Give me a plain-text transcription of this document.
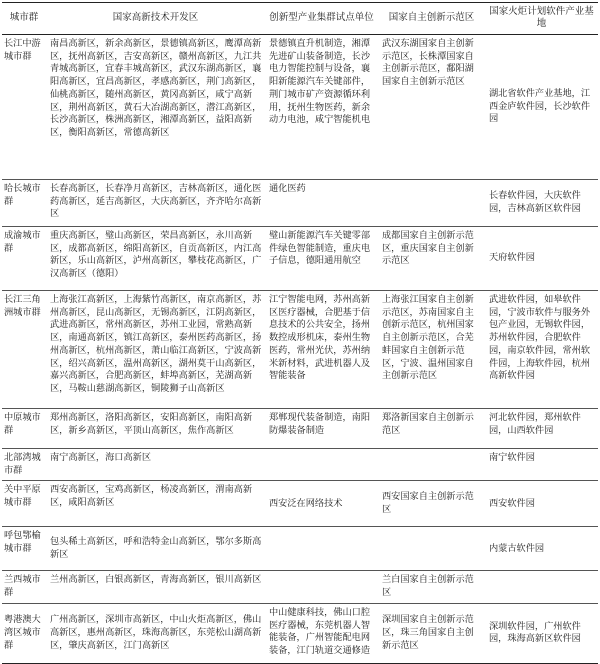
城市群	国家高新技术开发区	创新型产业集群试点单位	国家自主创新示范区	国家火炬计划软件产业基地
长江中游城市群	南昌高新区，新余高新区，景德镇高新区，鹰潭高新区，抚州高新区，吉安高新区，赣州高新区，九江共青城高新区，宜春丰城高新区，武汉东湖高新区，襄阳高新区，宜昌高新区，孝感高新区，荆门高新区，仙桃高新区，随州高新区，黄冈高新区，咸宁高新区，荆州高新区，黄石大冶湖高新区，潜江高新区，长沙高新区，株洲高新区，湘潭高新区，益阳高新区，衡阳高新区，常德高新区	景德镇直升机制造，湘潭先进矿山装备制造，长沙电力智能控制与设备，襄阳新能源汽车关键部件，荆门城市矿产资源循环利用，抚州生物医药，新余动力电池，咸宁智能机电	武汉东湖国家自主创新示范区，长株潭国家自主创新示范区，鄱阳湖国家自主创新示范区	湖北省软件产业基地，江西金庐软件园，长沙软件园
哈长城市群	长春高新区，长春净月高新区，吉林高新区，通化医药高新区，延吉高新区，大庆高新区，齐齐哈尔高新区	通化医药		长春软件园，大庆软件园，吉林高新区软件园
成渝城市群	重庆高新区，璧山高新区，荣昌高新区，永川高新区，成都高新区，绵阳高新区，自贡高新区，内江高新区，乐山高新区，泸州高新区，攀枝花高新区，广汉高新区（德阳）	璧山新能源汽车关键零部件绿色智能制造，重庆电子信息，德阳通用航空	成都国家自主创新示范区，重庆国家自主创新示范区	天府软件园
长江三角洲城市群	上海张江高新区，上海紫竹高新区，南京高新区，苏州高新区，昆山高新区，无锡高新区，江阴高新区，武进高新区，常州高新区，苏州工业园，常熟高新区，南通高新区，镇江高新区，泰州医药高新区，扬州高新区，杭州高新区，萧山临江高新区，宁波高新区，绍兴高新区，温州高新区，湖州莫干山高新区，嘉兴高新区，合肥高新区，蚌埠高新区，芜湖高新区，马鞍山慈湖高新区，铜陵狮子山高新区	江宁智能电网，苏州高新区医疗器械，合肥基于信息技术的公共安全，扬州数控成形机床，泰州生物医药，常州光伏，苏州纳米新材料，武进机器人及智能装备	上海张江国家自主创新示范区，苏南国家自主创新示范区，杭州国家自主创新示范区，合芜蚌国家自主创新示范区，宁波、温州国家自主创新示范区	武进软件园，如皋软件园，宁波市软件与服务外包产业园，无锡软件园，苏州软件园，合肥软件园，南京软件园，常州软件园，上海软件园，杭州高新软件园
中原城市群	郑州高新区，洛阳高新区，安阳高新区，南阳高新区，新乡高新区，平顶山高新区，焦作高新区	郑郸现代装备制造，南阳防爆装备制造	郑洛新国家自主创新示范区	河北软件园，郑州软件园，山西软件园
北部湾城市群	南宁高新区，海口高新区			南宁软件园
关中平原城市群	西安高新区，宝鸡高新区，杨凌高新区，渭南高新区，咸阳高新区	西安泛在网络技术	西安国家自主创新示范区	西安软件园
呼包鄂榆城市群	包头稀土高新区，呼和浩特金山高新区，鄂尔多斯高新区			内蒙古软件园
兰西城市群	兰州高新区，白银高新区，青海高新区，银川高新区		兰白国家自主创新示范区	
粤港澳大湾区城市群	广州高新区，深圳市高新区，中山火炬高新区，佛山高新区，惠州高新区，珠海高新区，东莞松山湖高新区，肇庆高新区，江门高新区	中山健康科技，佛山口腔医疗器械，东莞机器人智能装备，广州智能配电网装备，江门轨道交通修造	深圳国家自主创新示范区，珠三角国家自主创新示范区	深圳软件园，广州软件园，珠海高新区软件园
